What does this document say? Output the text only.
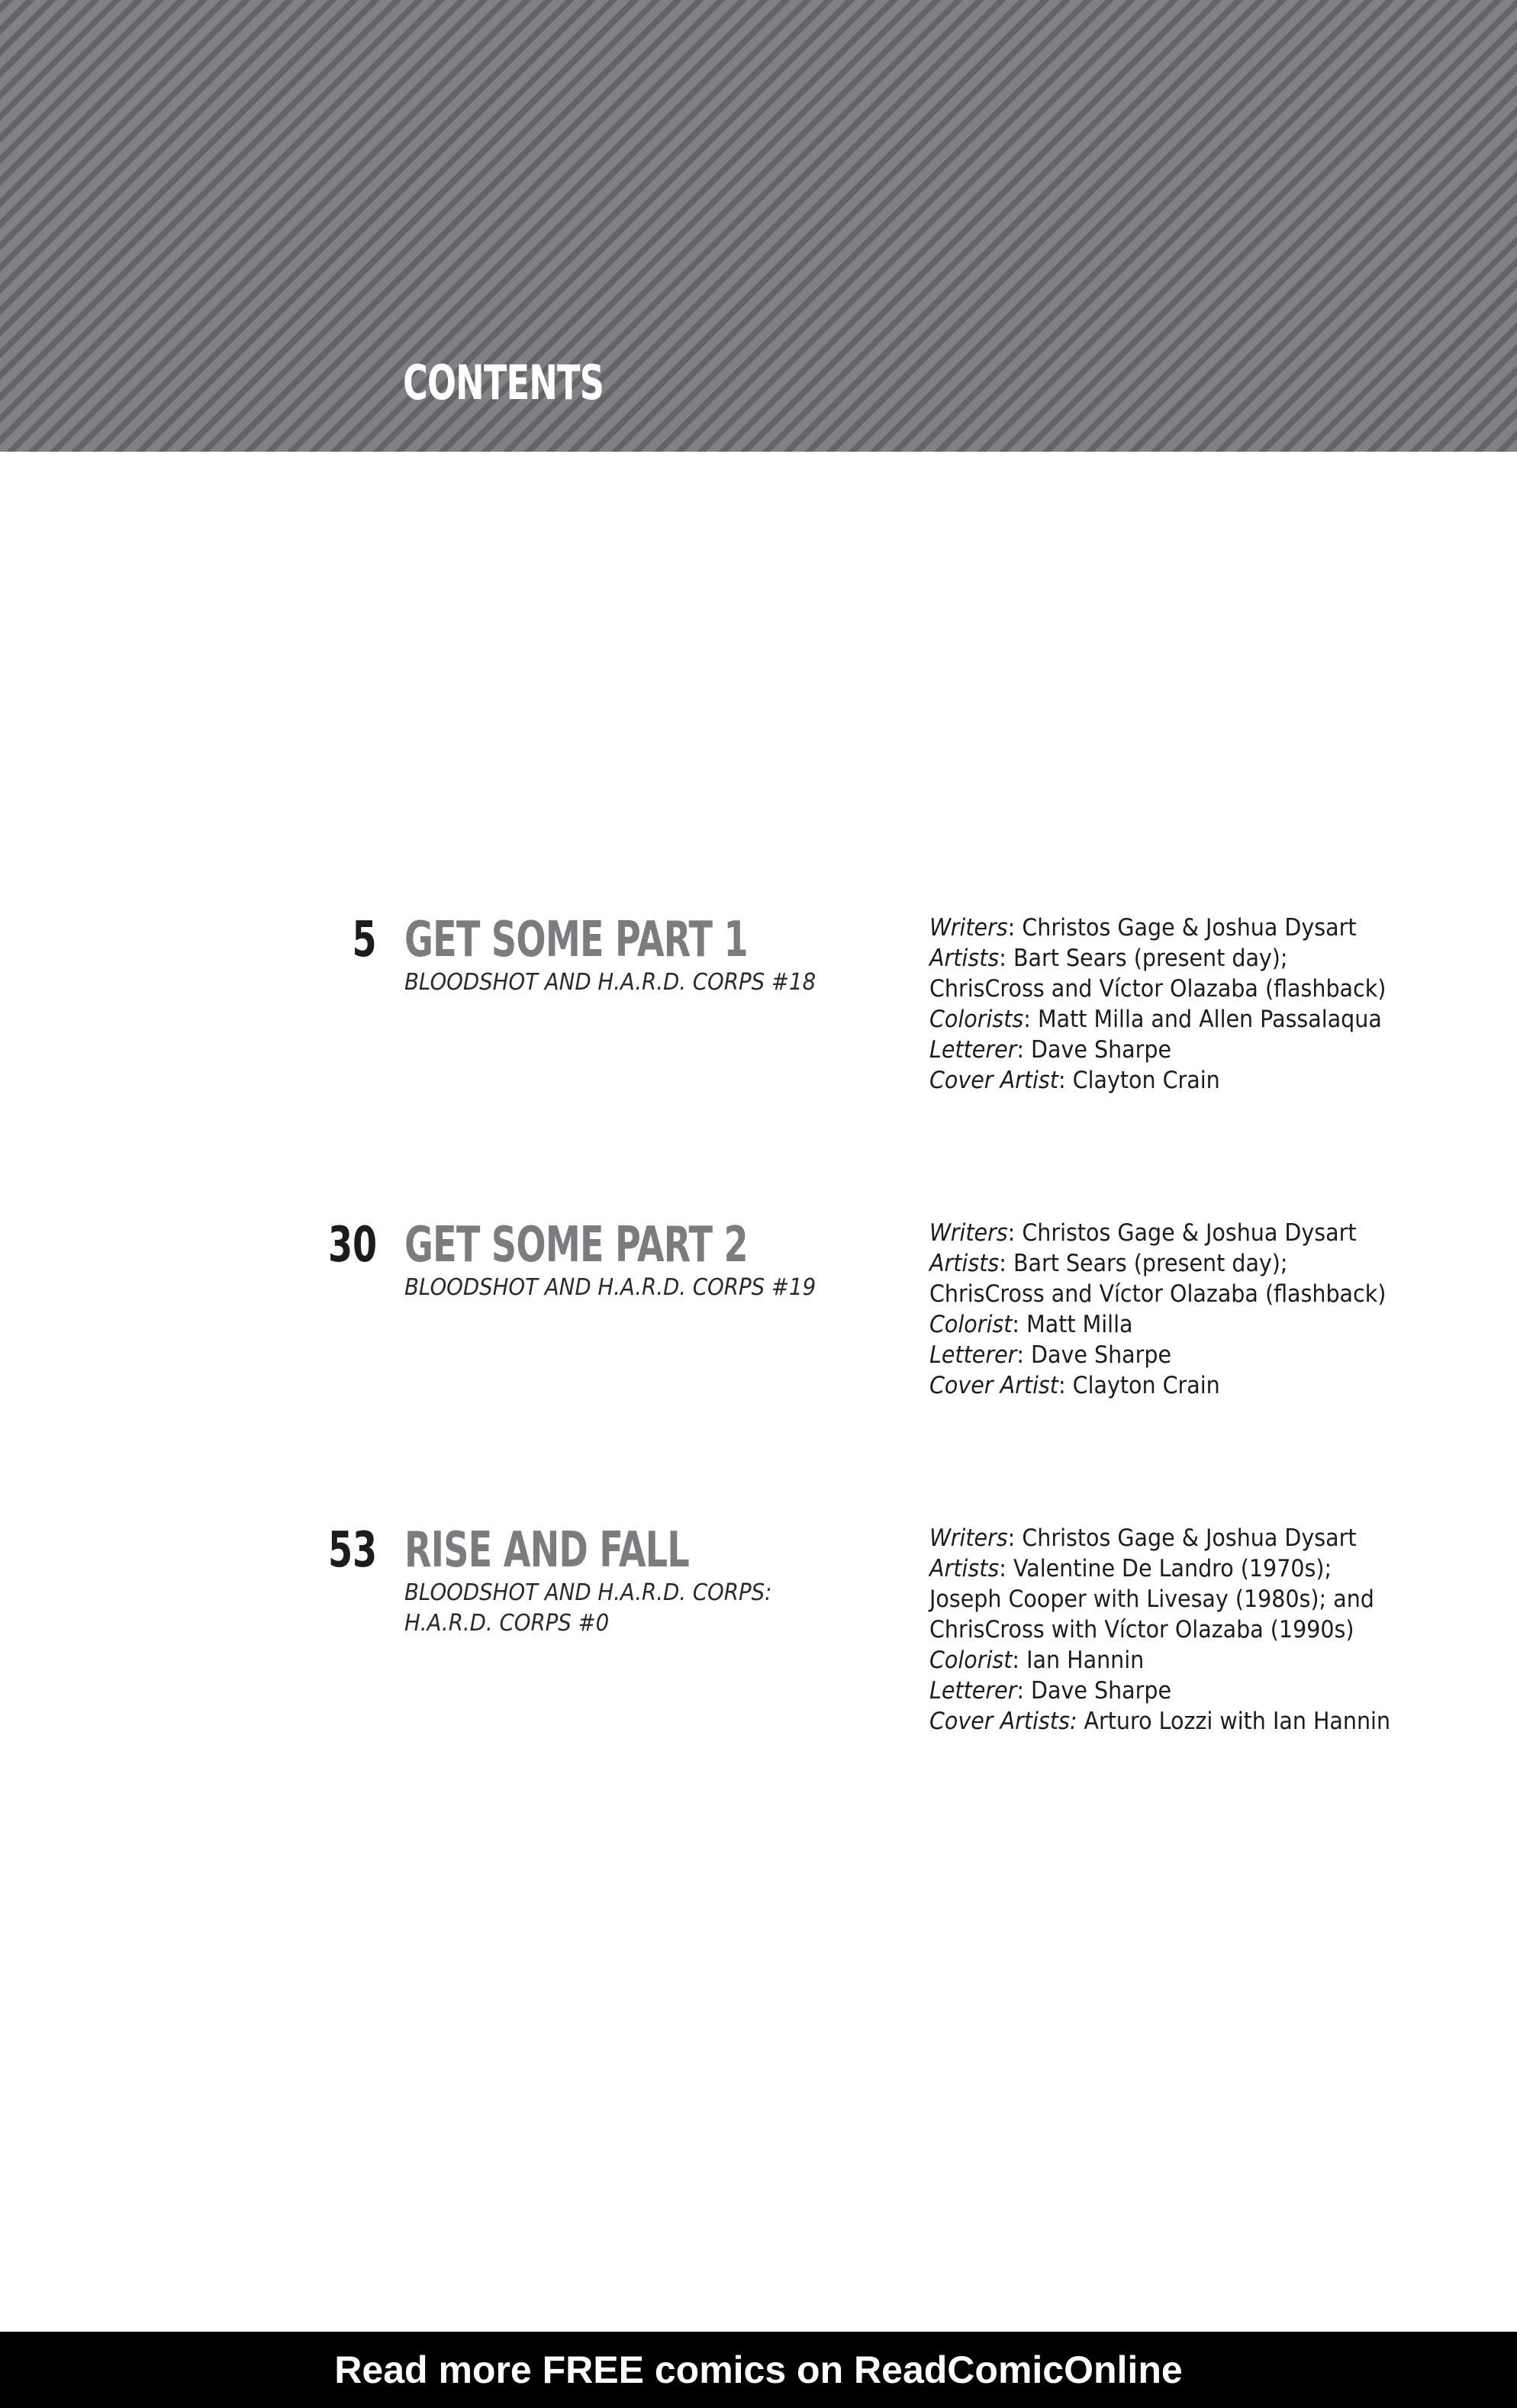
CONTENTS
5 GET SOME PART 1
BLOODSHOT AND H.A.R.D. CORPS #18
Writers: Christos Gage & Joshua Dysart
Artists: Bart Sears (present day);
ChrisCross and Víctor Olazaba (flashback)
Colorists: Matt Milla and Allen Passalaqua
Letterer: Dave Sharpe
Cover Artist: Clayton Crain
30 GET SOME PART 2
BLOODSHOT AND H.A.R.D. CORPS #19
Writers: Christos Gage & Joshua Dysart
Artists: Bart Sears (present day);
ChrisCross and Víctor Olazaba (flashback)
Colorist: Matt Milla
Letterer: Dave Sharpe
Cover Artist: Clayton Crain
53 RISE AND FALL
BLOODSHOT AND H.A.R.D. CORPS:
H.A.R.D. CORPS #0
Writers: Christos Gage & Joshua Dysart
Artists: Valentine De Landro (1970s);
Joseph Cooper with Livesay (1980s); and
ChrisCross with Víctor Olazaba (1990s)
Colorist: Ian Hannin
Letterer: Dave Sharpe
Cover Artists: Arturo Lozzi with Ian Hannin
Read more FREE comics on ReadComicOnline
